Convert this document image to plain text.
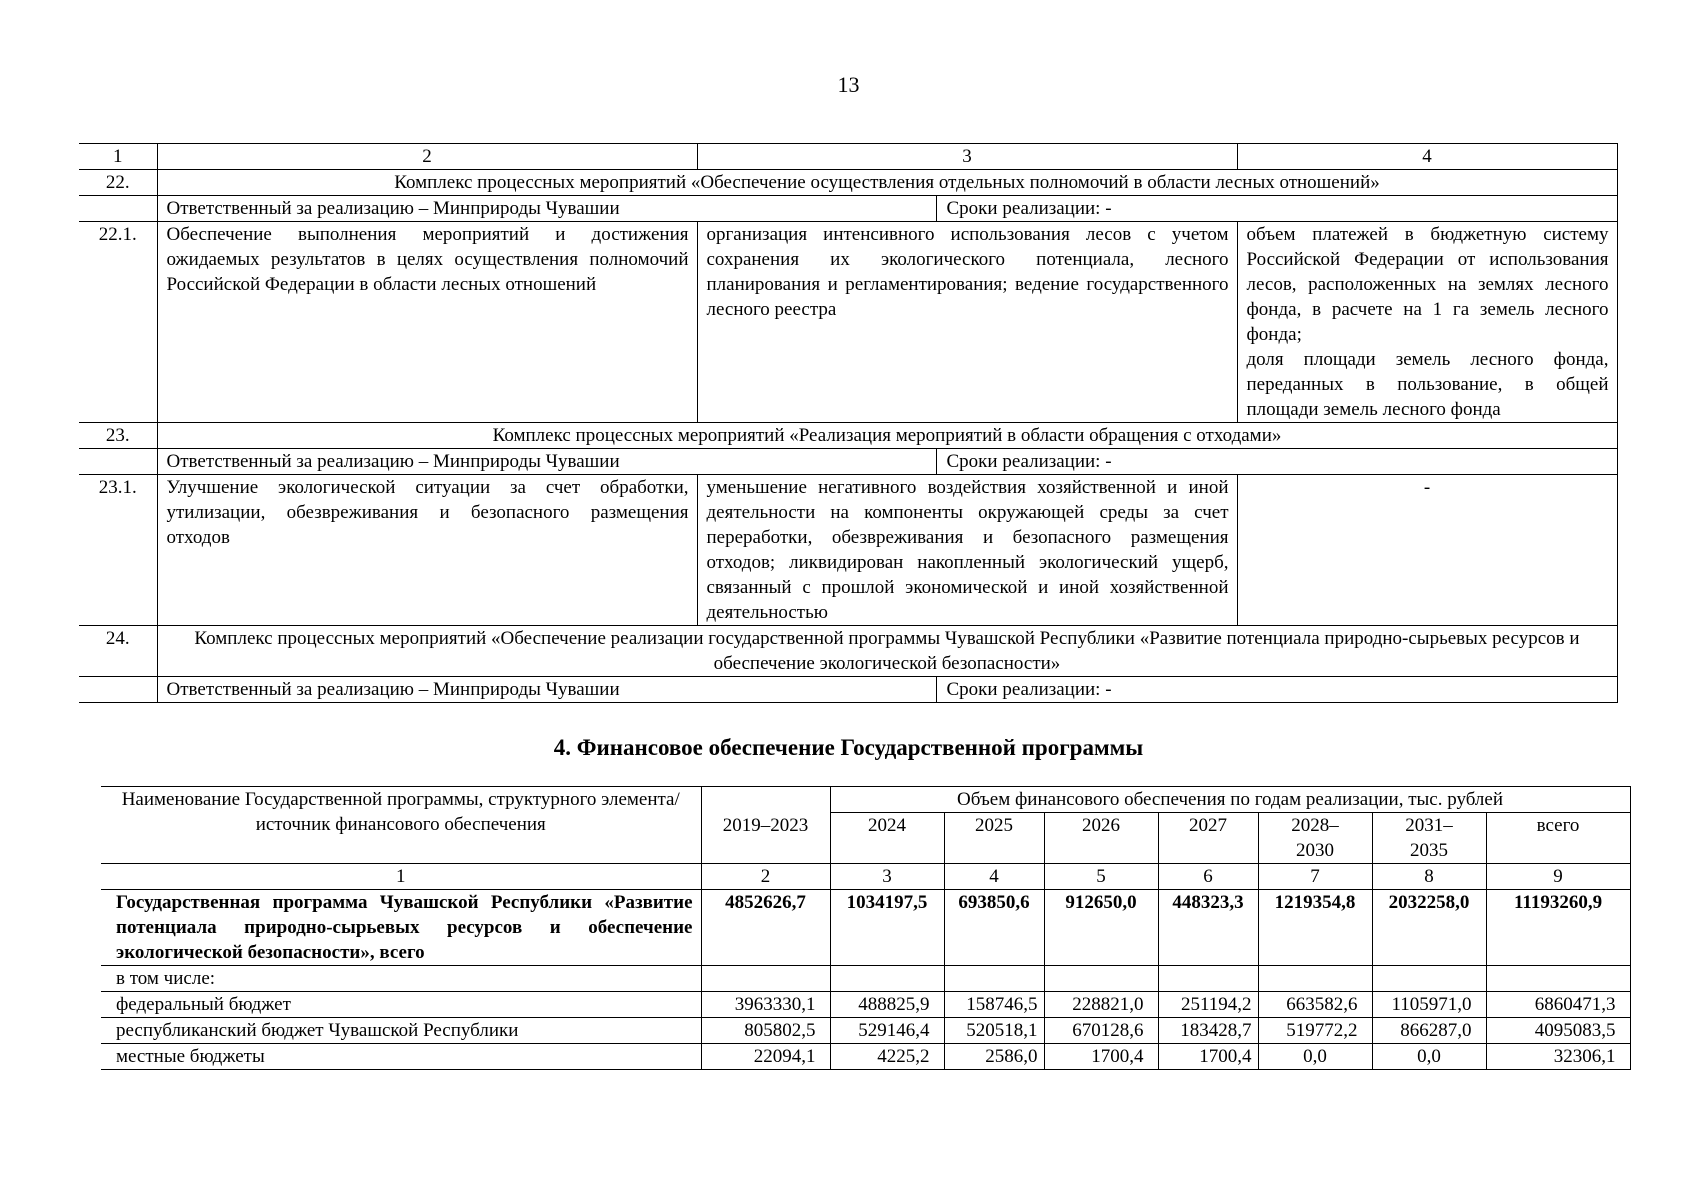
13
1	2	3	4
22.	Комплекс процессных мероприятий «Обеспечение осуществления отдельных полномочий в области лесных отношений»		

	Ответственный за реализацию – Минприроды Чувашии Сроки реализации: -		

22.1.	Обеспечение выполнения мероприятий и достижения ожидаемых результатов в целях осуществления полномочий Российской Федерации в области лесных отношений	организация интенсивного использования лесов с учетом сохранения их экологического потенциала, лесного планирования и регламентирования; ведение государственного лесного реестра	объем платежей в бюджетную систему Российской Федерации от использования лесов, расположенных на землях лесного фонда, в расчете на 1 га земель лесного фонда;
доля площади земель лесного фонда, переданных в пользование, в общей площади земель лесного фонда

23.	Комплекс процессных мероприятий «Реализация мероприятий в области обращения с отходами»		

	Ответственный за реализацию – Минприроды Чувашии Сроки реализации: -		

23.1.	Улучшение экологической ситуации за счет обработки, утилизации, обезвреживания и безопасного размещения отходов	уменьшение негативного воздействия хозяйственной и иной деятельности на компоненты окружающей среды за счет переработки, обезвреживания и безопасного размещения отходов; ликвидирован накопленный экологический ущерб, связанный с прошлой экономической и иной хозяйственной деятельностью	-
24.	Комплекс процессных мероприятий «Обеспечение реализации государственной программы Чувашской Республики «Развитие потенциала природно-сырьевых ресурсов и обеспечение экологической безопасности»		

	Ответственный за реализацию – Минприроды Чувашии Сроки реализации: -		
4. Финансовое обеспечение Государственной программы
Наименование Государственной программы, структурного элемента/источник финансового обеспечения		Объем финансового обеспечения по годам реализации, тыс. рублей						
	2019–2023	2024	2025	2026	2027	2028–2030	2031–2035	всего
1	2	3	4	5	6	7	8	9
Государственная программа Чувашской Республики «Развитие потенциала природно-сырьевых ресурсов и обеспечение экологической безопасности», всего	4852626,7	1034197,5	693850,6	912650,0	448323,3	1219354,8	2032258,0	11193260,9
в том числе:								
федеральный бюджет	3963330,1	488825,9	158746,5	228821,0	251194,2	663582,6	1105971,0	6860471,3
республиканский бюджет Чувашской Республики	805802,5	529146,4	520518,1	670128,6	183428,7	519772,2	866287,0	4095083,5
местные бюджеты	22094,1	4225,2	2586,0	1700,4	1700,4	0,0	0,0	32306,1
